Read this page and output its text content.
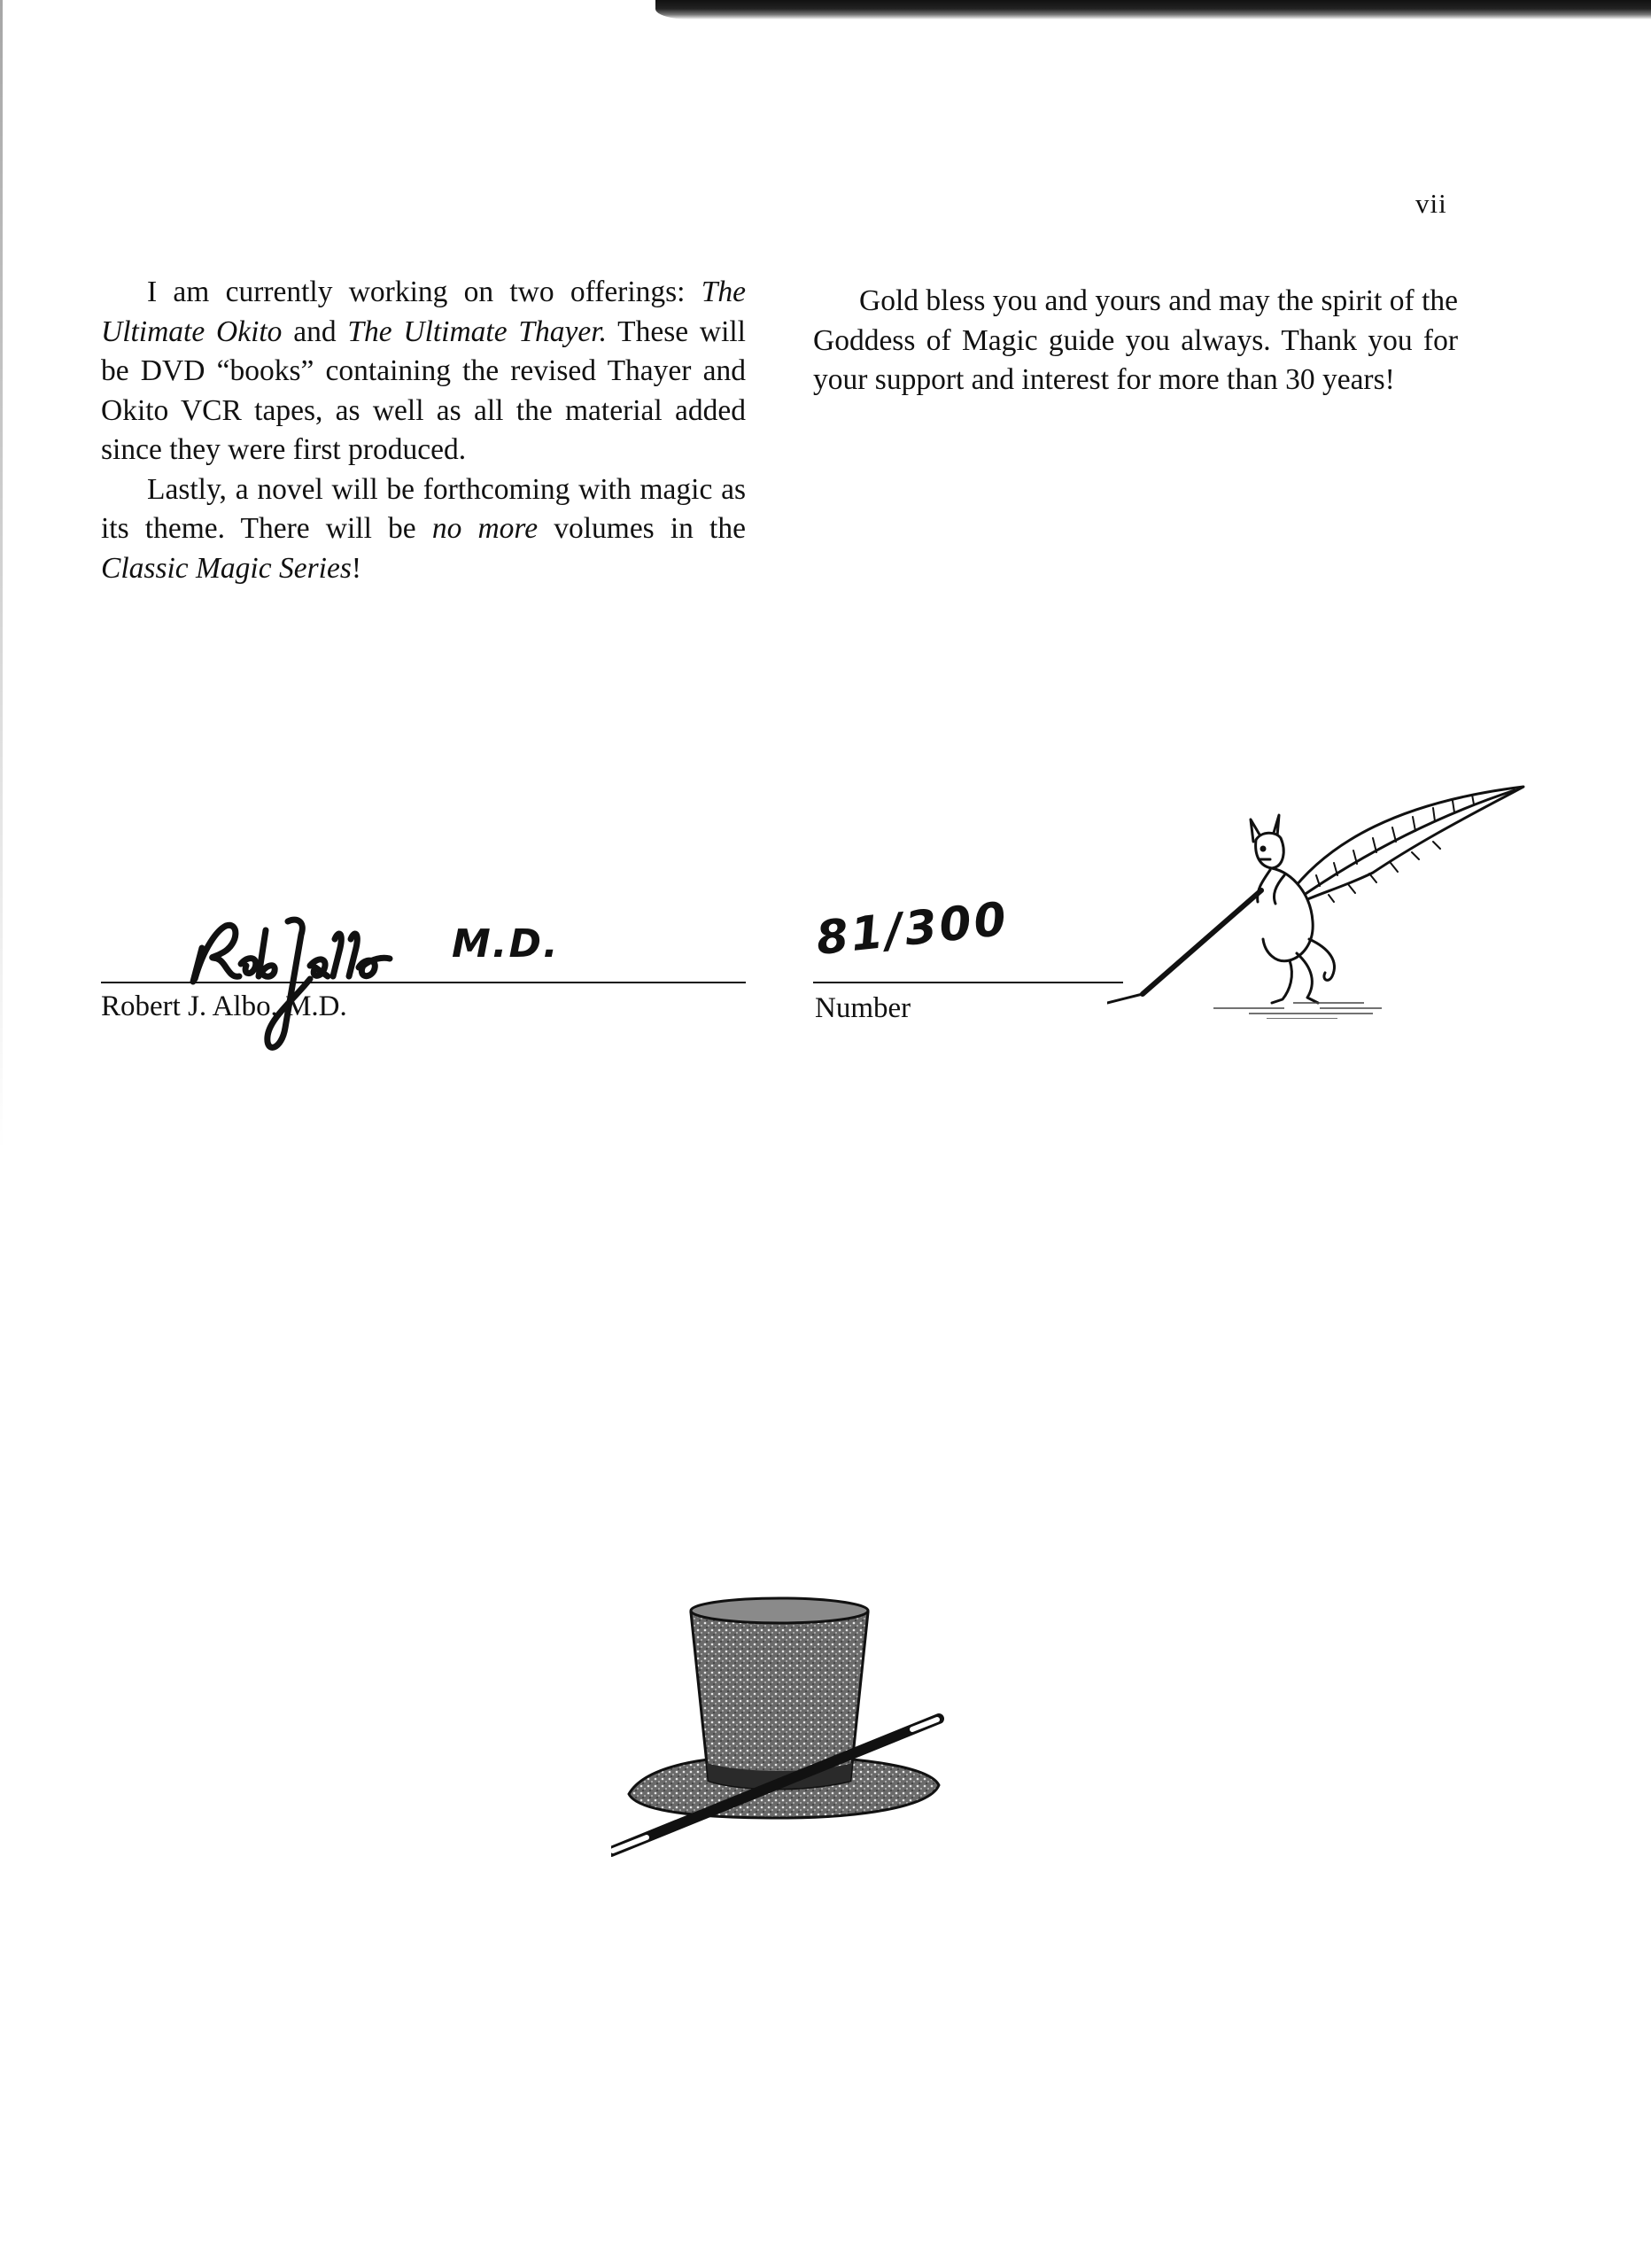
vii

I am currently working on two offerings: The Ultimate Okito and The Ultimate Thayer. These will be DVD “books” containing the revised Thayer and Okito VCR tapes, as well as all the material added since they were first produced.

Lastly, a novel will be forthcoming with magic as its theme. There will be no more volumes in the Classic Magic Series!

Gold bless you and yours and may the spirit of the Goddess of Magic guide you always. Thank you for your support and interest for more than 30 years!

M.D.
Robert J. Albo, M.D.
81/300
Number
